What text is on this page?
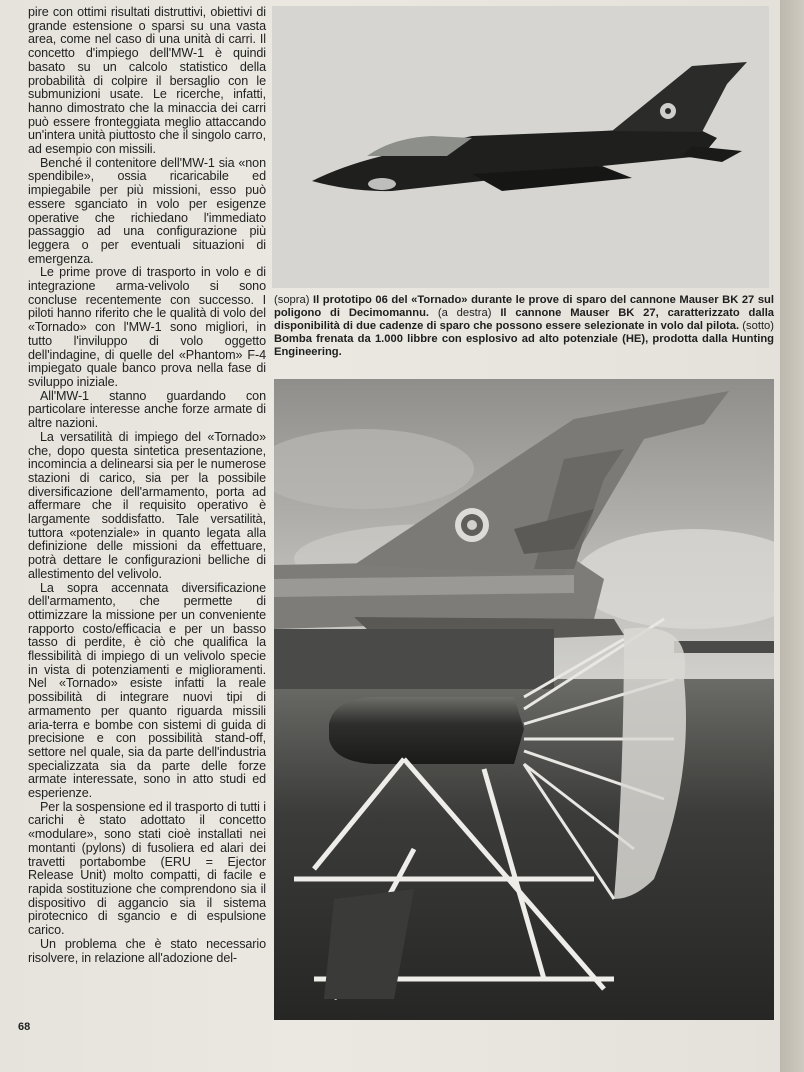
pire con ottimi risultati distruttivi, obiettivi di grande estensione o sparsi su una vasta area, come nel caso di una unità di carri. Il concetto d'impiego dell'MW-1 è quindi basato su un calcolo statistico della probabilità di colpire il bersaglio con le submunizioni usate. Le ricerche, infatti, hanno dimostrato che la minaccia dei carri può essere fronteggiata meglio attaccando un'intera unità piuttosto che il singolo carro, ad esempio con missili.

Benché il contenitore dell'MW-1 sia «non spendibile», ossia ricaricabile ed impiegabile per più missioni, esso può essere sganciato in volo per esigenze operative che richiedano l'immediato passaggio ad una configurazione più leggera o per eventuali situazioni di emergenza.

Le prime prove di trasporto in volo e di integrazione arma-velivolo si sono concluse recentemente con successo. I piloti hanno riferito che le qualità di volo del «Tornado» con l'MW-1 sono migliori, in tutto l'inviluppo di volo oggetto dell'indagine, di quelle del «Phantom» F-4 impiegato quale banco prova nella fase di sviluppo iniziale.

All'MW-1 stanno guardando con particolare interesse anche forze armate di altre nazioni.

La versatilità di impiego del «Tornado» che, dopo questa sintetica presentazione, incomincia a delinearsi sia per le numerose stazioni di carico, sia per la possibile diversificazione dell'armamento, porta ad affermare che il requisito operativo è largamente soddisfatto. Tale versatilità, tuttora «potenziale» in quanto legata alla definizione delle missioni da effettuare, potrà dettare le configurazioni belliche di allestimento del velivolo.

La sopra accennata diversificazione dell'armamento, che permette di ottimizzare la missione per un conveniente rapporto costo/efficacia e per un basso tasso di perdite, è ciò che qualifica la flessibilità di impiego di un velivolo specie in vista di potenziamenti e miglioramenti. Nel «Tornado» esiste infatti la reale possibilità di integrare nuovi tipi di armamento per quanto riguarda missili aria-terra e bombe con sistemi di guida di precisione e con possibilità stand-off, settore nel quale, sia da parte dell'industria specializzata sia da parte delle forze armate interessate, sono in atto studi ed esperienze.

Per la sospensione ed il trasporto di tutti i carichi è stato adottato il concetto «modulare», sono stati cioè installati nei montanti (pylons) di fusoliera ed alari dei travetti portabombe (ERU = Ejector Release Unit) molto compatti, di facile e rapida sostituzione che comprendono sia il dispositivo di aggancio sia il sistema pirotecnico di sgancio e di espulsione carico.

Un problema che è stato necessario risolvere, in relazione all'adozione del-

68
(sopra) Il prototipo 06 del «Tornado» durante le prove di sparo del cannone Mauser BK 27 sul poligono di Decimomannu. (a destra) Il cannone Mauser BK 27, caratterizzato dalla disponibilità di due cadenze di sparo che possono essere selezionate in volo dal pilota. (sotto) Bomba frenata da 1.000 libbre con esplosivo ad alto potenziale (HE), prodotta dalla Hunting Engineering.
